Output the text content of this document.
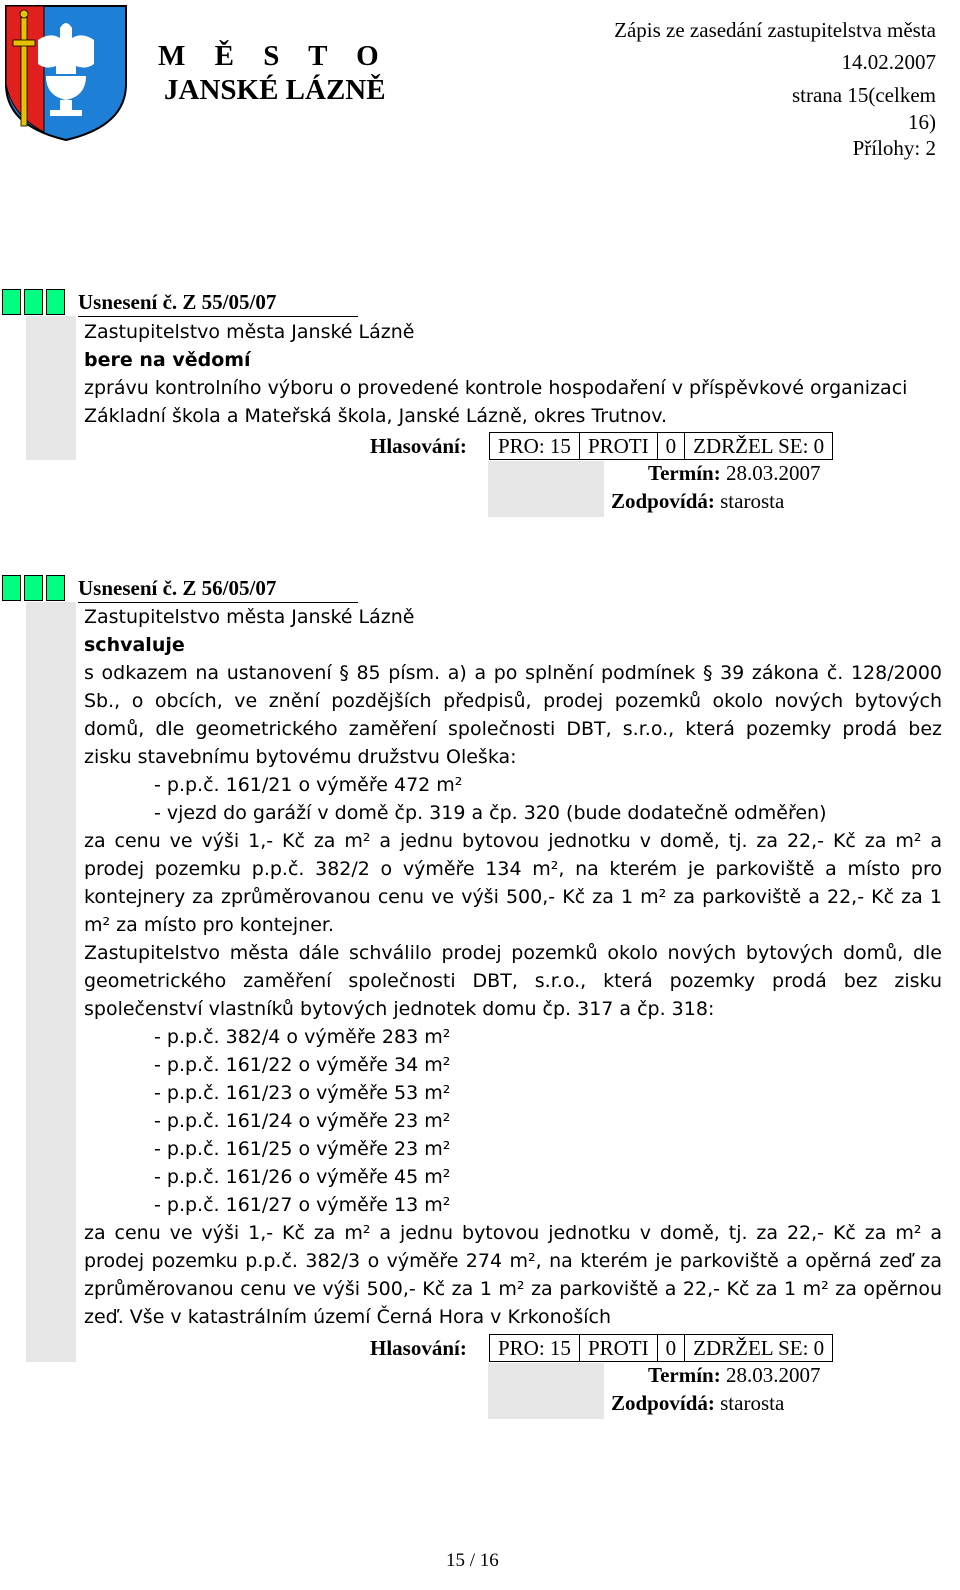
M Ě S T O
JANSKÉ LÁZNĚ
Zápis ze zasedání zastupitelstva města
14.02.2007
strana 15(celkem
16)
Přílohy: 2
Usnesení č. Z 55/05/07

Zastupitelstvo města Janské Lázně

bere na vědomí

zprávu kontrolního výboru o provedené kontrole hospodaření v příspěvkové organizaci

Základní škola a Mateřská škola, Janské Lázně, okres Trutnov.

Hlasování: PRO: 15	PROTI	0	ZDRŽEL SE: 0
Termín: 28.03.2007
Zodpovídá: starosta
Usnesení č. Z 56/05/07

Zastupitelstvo města Janské Lázně

schvaluje

s odkazem na ustanovení § 85 písm. a) a po splnění podmínek § 39 zákona č. 128/2000 Sb., o obcích, ve znění pozdějších předpisů, prodej pozemků okolo nových bytových domů, dle geometrického zaměření společnosti DBT, s.r.o., která pozemky prodá bez zisku stavebnímu bytovému družstvu Oleška:

- p.p.č. 161/21 o výměře 472 m²

- vjezd do garáží v domě čp. 319 a čp. 320 (bude dodatečně odměřen)

za cenu ve výši 1,- Kč za m² a jednu bytovou jednotku v domě, tj. za 22,- Kč za m² a prodej pozemku p.p.č. 382/2 o výměře 134 m², na kterém je parkoviště a místo pro kontejnery za zprůměrovanou cenu ve výši 500,- Kč za 1 m² za parkoviště a 22,- Kč za 1 m² za místo pro kontejner.

Zastupitelstvo města dále schválilo prodej pozemků okolo nových bytových domů, dle geometrického zaměření společnosti DBT, s.r.o., která pozemky prodá bez zisku společenství vlastníků bytových jednotek domu čp. 317 a čp. 318:

- p.p.č. 382/4 o výměře 283 m²

- p.p.č. 161/22 o výměře 34 m²

- p.p.č. 161/23 o výměře 53 m²

- p.p.č. 161/24 o výměře 23 m²

- p.p.č. 161/25 o výměře 23 m²

- p.p.č. 161/26 o výměře 45 m²

- p.p.č. 161/27 o výměře 13 m²

za cenu ve výši 1,- Kč za m² a jednu bytovou jednotku v domě, tj. za 22,- Kč za m² a prodej pozemku p.p.č. 382/3 o výměře 274 m², na kterém je parkoviště a opěrná zeď za zprůměrovanou cenu ve výši 500,- Kč za 1 m² za parkoviště a 22,- Kč za 1 m² za opěrnou zeď. Vše v katastrálním území Černá Hora v Krkonoších

Hlasování: PRO: 15	PROTI	0	ZDRŽEL SE: 0
Termín: 28.03.2007
Zodpovídá: starosta
15 / 16
